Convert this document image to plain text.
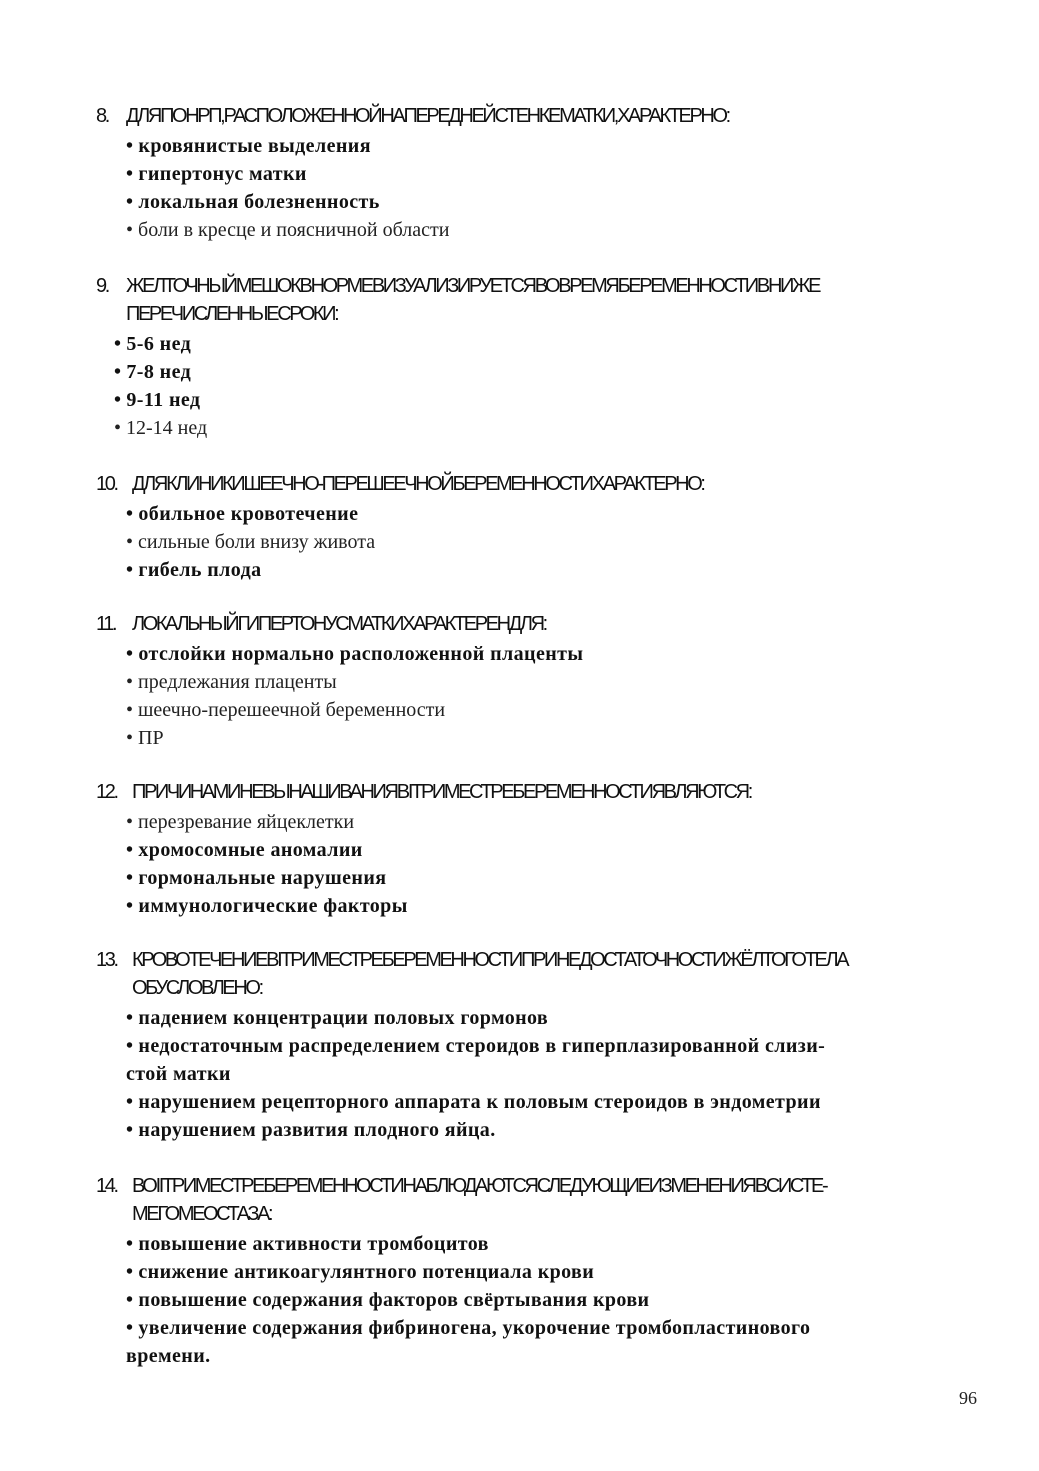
8. ДЛЯ ПОНРП, РАСПОЛОЖЕННОЙ НА ПЕРЕДНЕЙ СТЕНКЕ МАТКИ, ХАРАКТЕРНО:
• кровянистые выделения
• гипертонус матки
• локальная болезненность
• боли в кресце и поясничной области
9. ЖЕЛТОЧНЫЙ МЕШОК В НОРМЕ ВИЗУАЛИЗИРУЕТСЯ ВО ВРЕМЯ БЕРЕМЕННОСТИ В НИЖЕ
ПЕРЕЧИСЛЕННЫЕ СРОКИ:
• 5-6 нед
• 7-8 нед
• 9-11 нед
• 12-14 нед
10. ДЛЯ КЛИНИКИ ШЕЕЧНО-ПЕРЕШЕЕЧНОЙ БЕРЕМЕННОСТИ ХАРАКТЕРНО:
• обильное кровотечение
• сильные боли внизу живота
• гибель плода
11. ЛОКАЛЬНЫЙ ГИПЕРТОНУС МАТКИ ХАРАКТЕРЕН ДЛЯ:
• отслойки нормально расположенной плаценты
• предлежания плаценты
• шеечно-перешеечной беременности
• ПР
12. ПРИЧИНАМИ НЕВЫНАШИВАНИЯ В I ТРИМЕСТРЕ БЕРЕМЕННОСТИ ЯВЛЯЮТСЯ:
• перезревание яйцеклетки
• хромосомные аномалии
• гормональные нарушения
• иммунологические факторы
13. КРОВОТЕЧЕНИЕ В I ТРИМЕСТРЕ БЕРЕМЕННОСТИ ПРИ НЕДОСТАТОЧНОСТИ ЖЁЛТОГО ТЕЛА
ОБУСЛОВЛЕНО:
• падением концентрации половых гормонов
• недостаточным распределением стероидов в гиперплазированной слизи-
стой матки
• нарушением рецепторного аппарата к половым стероидов в эндометрии
• нарушением развития плодного яйца.
14. ВО II ТРИМЕСТРЕ БЕРЕМЕННОСТИ НАБЛЮДАЮТСЯ СЛЕДУЮЩИЕ ИЗМЕНЕНИЯ В СИСТЕ-
МЕ ГОМЕОСТАЗА:
• повышение активности тромбоцитов
• снижение антикоагулянтного потенциала крови
• повышение содержания факторов свёртывания крови
• увеличение содержания фибриногена, укорочение тромбопластинового
времени.
96
